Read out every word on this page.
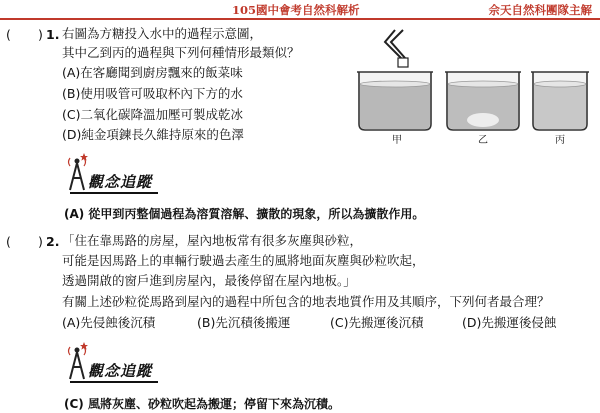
105國中會考自然科解析	佘天自然科團隊主解
( ) 1. 右圖為方糖投入水中的過程示意圖，
其中乙到丙的過程與下列何種情形最類似？
(A)在客廳聞到廚房飄來的飯菜味
(B)使用吸管可吸取杯內下方的水
(C)二氧化碳降溫加壓可製成乾冰
(D)純金項鍊長久維持原來的色澤	甲	乙	丙
觀念追蹤
(A) 從甲到丙整個過程為溶質溶解、擴散的現象，所以為擴散作用。
( ) 2. 「住在靠馬路的房屋，屋內地板常有很多灰塵與砂粒，
可能是因馬路上的車輛行駛過去產生的風將地面灰塵與砂粒吹起，
透過開啟的窗戶進到房屋內，最後停留在屋內地板。」
有關上述砂粒從馬路到屋內的過程中所包含的地表地質作用及其順序，下列何者最合理？
(A)先侵蝕後沉積	(B)先沉積後搬運	(C)先搬運後沉積	(D)先搬運後侵蝕
觀念追蹤
(C) 風將灰塵、砂粒吹起為搬運；停留下來為沉積。
